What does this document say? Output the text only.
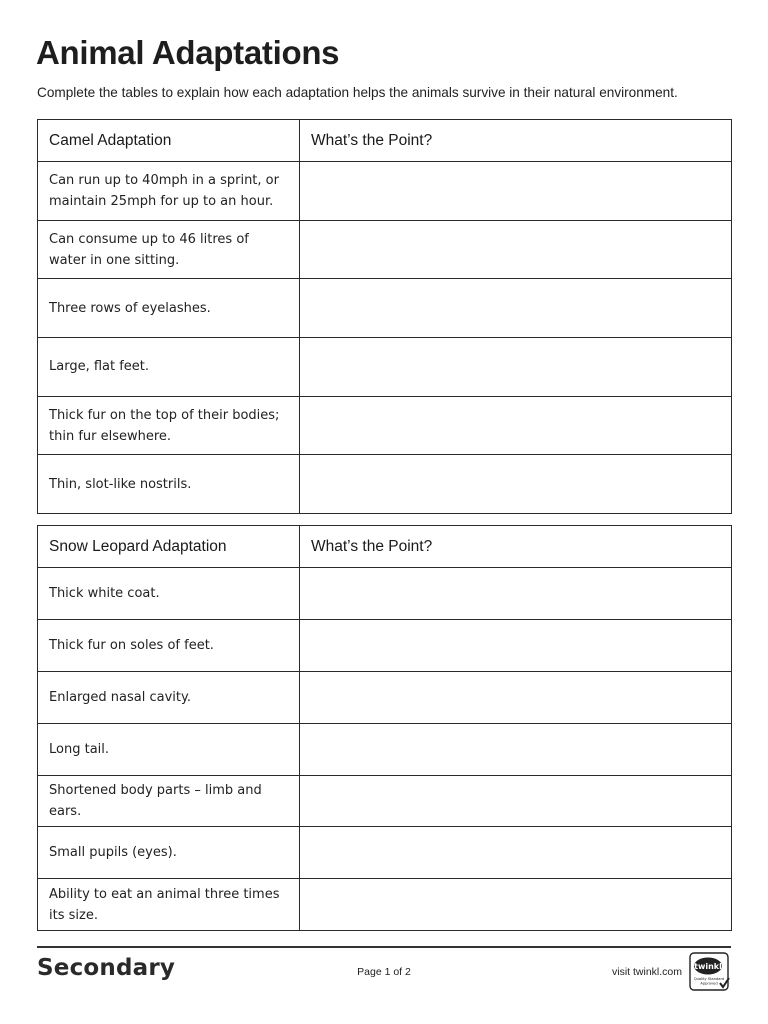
Animal Adaptations

Complete the tables to explain how each adaptation helps the animals survive in their natural environment.

Camel Adaptation	What’s the Point?
Can run up to 40mph in a sprint, or maintain 25mph for up to an hour.	
Can consume up to 46 litres of water in one sitting.	
Three rows of eyelashes.	
Large, flat feet.	
Thick fur on the top of their bodies; thin fur elsewhere.	
Thin, slot-like nostrils.	
Snow Leopard Adaptation	What’s the Point?
Thick white coat.	
Thick fur on soles of feet.	
Enlarged nasal cavity.	
Long tail.	
Shortened body parts – limb and ears.	
Small pupils (eyes).	
Ability to eat an animal three times its size.	
Secondary	Page 1 of 2	visit twinkl.com twinkl
Quality Standard
Approved
